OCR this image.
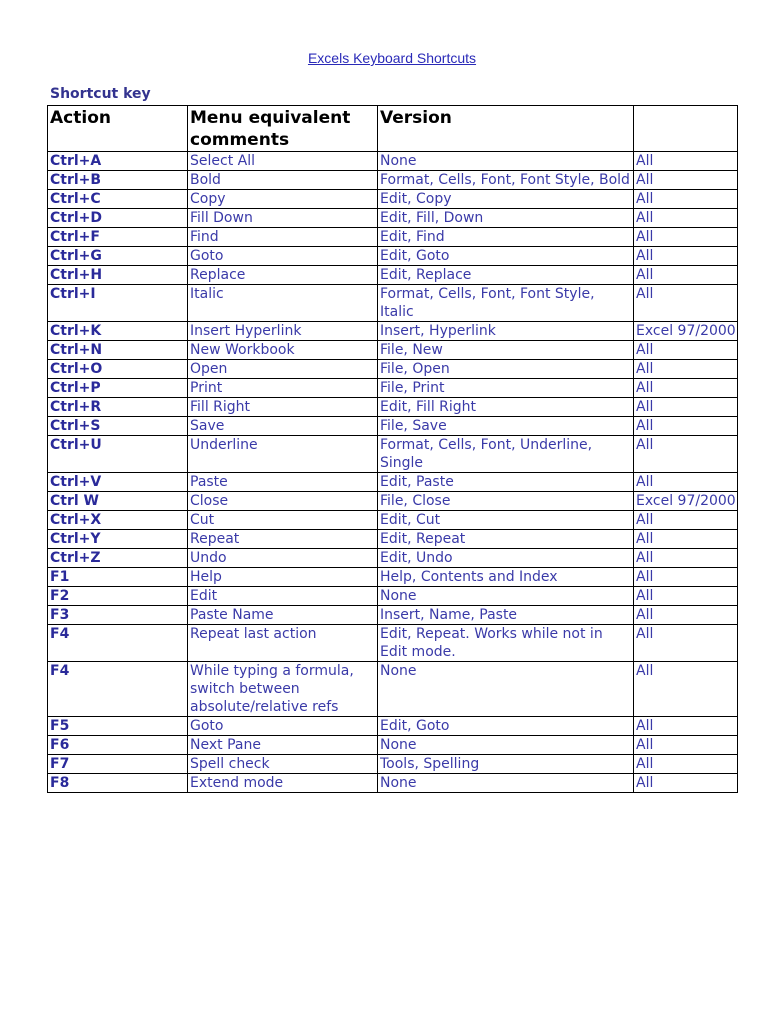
Excels Keyboard Shortcuts
Shortcut key
Action	Menu equivalent comments	Version	
Ctrl+A	Select All	None	All
Ctrl+B	Bold	Format, Cells, Font, Font Style, Bold	All
Ctrl+C	Copy	Edit, Copy	All
Ctrl+D	Fill Down	Edit, Fill, Down	All
Ctrl+F	Find	Edit, Find	All
Ctrl+G	Goto	Edit, Goto	All
Ctrl+H	Replace	Edit, Replace	All
Ctrl+I	Italic	Format, Cells, Font, Font Style, Italic	All
Ctrl+K	Insert Hyperlink	Insert, Hyperlink	Excel 97/2000
Ctrl+N	New Workbook	File, New	All
Ctrl+O	Open	File, Open	All
Ctrl+P	Print	File, Print	All
Ctrl+R	Fill Right	Edit, Fill Right	All
Ctrl+S	Save	File, Save	All
Ctrl+U	Underline	Format, Cells, Font, Underline, Single	All
Ctrl+V	Paste	Edit, Paste	All
Ctrl W	Close	File, Close	Excel 97/2000
Ctrl+X	Cut	Edit, Cut	All
Ctrl+Y	Repeat	Edit, Repeat	All
Ctrl+Z	Undo	Edit, Undo	All
F1	Help	Help, Contents and Index	All
F2	Edit	None	All
F3	Paste Name	Insert, Name, Paste	All
F4	Repeat last action	Edit, Repeat. Works while not in Edit mode.	All
F4	While typing a formula, switch between absolute/relative refs	None	All
F5	Goto	Edit, Goto	All
F6	Next Pane	None	All
F7	Spell check	Tools, Spelling	All
F8	Extend mode	None	All
